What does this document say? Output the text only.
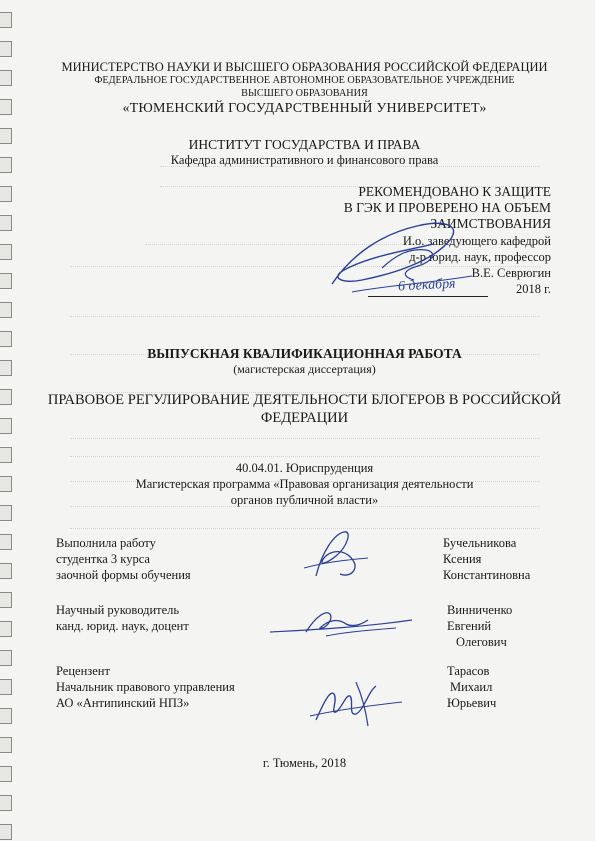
МИНИСТЕРСТВО НАУКИ И ВЫСШЕГО ОБРАЗОВАНИЯ РОССИЙСКОЙ ФЕДЕРАЦИИ
ФЕДЕРАЛЬНОЕ ГОСУДАРСТВЕННОЕ АВТОНОМНОЕ ОБРАЗОВАТЕЛЬНОЕ УЧРЕЖДЕНИЕ
ВЫСШЕГО ОБРАЗОВАНИЯ
«ТЮМЕНСКИЙ ГОСУДАРСТВЕННЫЙ УНИВЕРСИТЕТ»
ИНСТИТУТ ГОСУДАРСТВА И ПРАВА
Кафедра административного и финансового права
РЕКОМЕНДОВАНО К ЗАЩИТЕ
В ГЭК И ПРОВЕРЕНО НА ОБЪЕМ
ЗАИМСТВОВАНИЯ
И.о. заведующего кафедрой
д-р юрид. наук, профессор
В.Е. Севрюгин
6 декабря	2018 г.
ВЫПУСКНАЯ КВАЛИФИКАЦИОННАЯ РАБОТА
(магистерская диссертация)
ПРАВОВОЕ РЕГУЛИРОВАНИЕ ДЕЯТЕЛЬНОСТИ БЛОГЕРОВ В РОССИЙСКОЙ
ФЕДЕРАЦИИ
40.04.01. Юриспруденция
Магистерская программа «Правовая организация деятельности
органов публичной власти»
Выполнила работу
студентка 3 курса
заочной формы обучения
Бучельникова
Ксения
Константиновна
Научный руководитель
канд. юрид. наук, доцент
Винниченко
Евгений
Олегович
Рецензент
Начальник правового управления
АО «Антипинский НПЗ»
Тарасов
Михаил
Юрьевич
г. Тюмень, 2018
